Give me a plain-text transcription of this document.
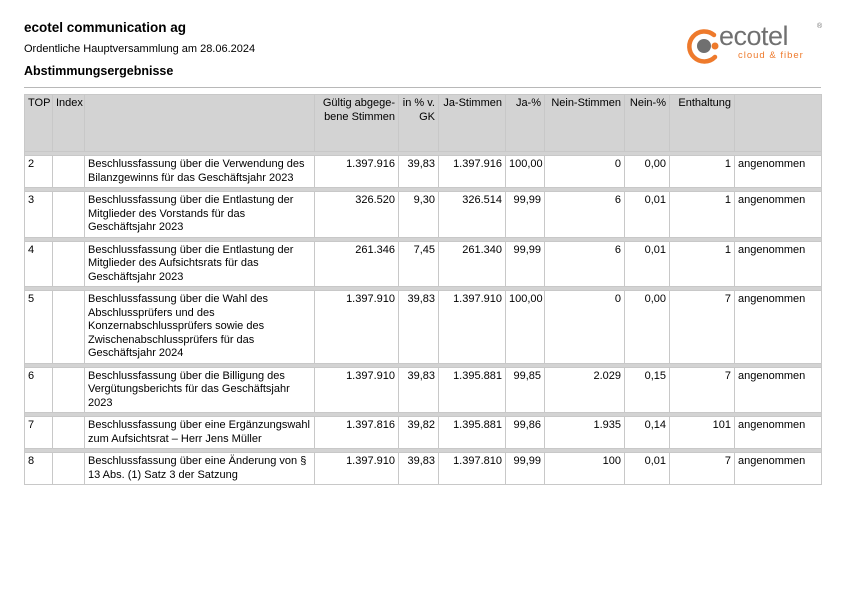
ecotel communication ag
Ordentliche Hauptversammlung am 28.06.2024
Abstimmungsergebnisse
ecotel	®
cloud & fiber
TOP	Index		Gültig abgege-bene Stimmen	in % v. GK	Ja-Stimmen	Ja-%	Nein-Stimmen	Nein-%	Enthaltung	

2		Beschlussfassung über die Verwendung des Bilanzgewinns für das Geschäftsjahr 2023	1.397.916	39,83	1.397.916	100,00	0	0,00	1	angenommen

3		Beschlussfassung über die Entlastung der Mitglieder des Vorstands für das Geschäftsjahr 2023	326.520	9,30	326.514	99,99	6	0,01	1	angenommen

4		Beschlussfassung über die Entlastung der Mitglieder des Aufsichtsrats für das Geschäftsjahr 2023	261.346	7,45	261.340	99,99	6	0,01	1	angenommen

5		Beschlussfassung über die Wahl des Abschlussprüfers und des Konzernabschlussprüfers sowie des Zwischenabschlussprüfers für das Geschäftsjahr 2024	1.397.910	39,83	1.397.910	100,00	0	0,00	7	angenommen

6		Beschlussfassung über die Billigung des Vergütungsberichts für das Geschäftsjahr 2023	1.397.910	39,83	1.395.881	99,85	2.029	0,15	7	angenommen

7		Beschlussfassung über eine Ergänzungswahl zum Aufsichtsrat – Herr Jens Müller	1.397.816	39,82	1.395.881	99,86	1.935	0,14	101	angenommen

8		Beschlussfassung über eine Änderung von § 13 Abs. (1) Satz 3 der Satzung	1.397.910	39,83	1.397.810	99,99	100	0,01	7	angenommen
